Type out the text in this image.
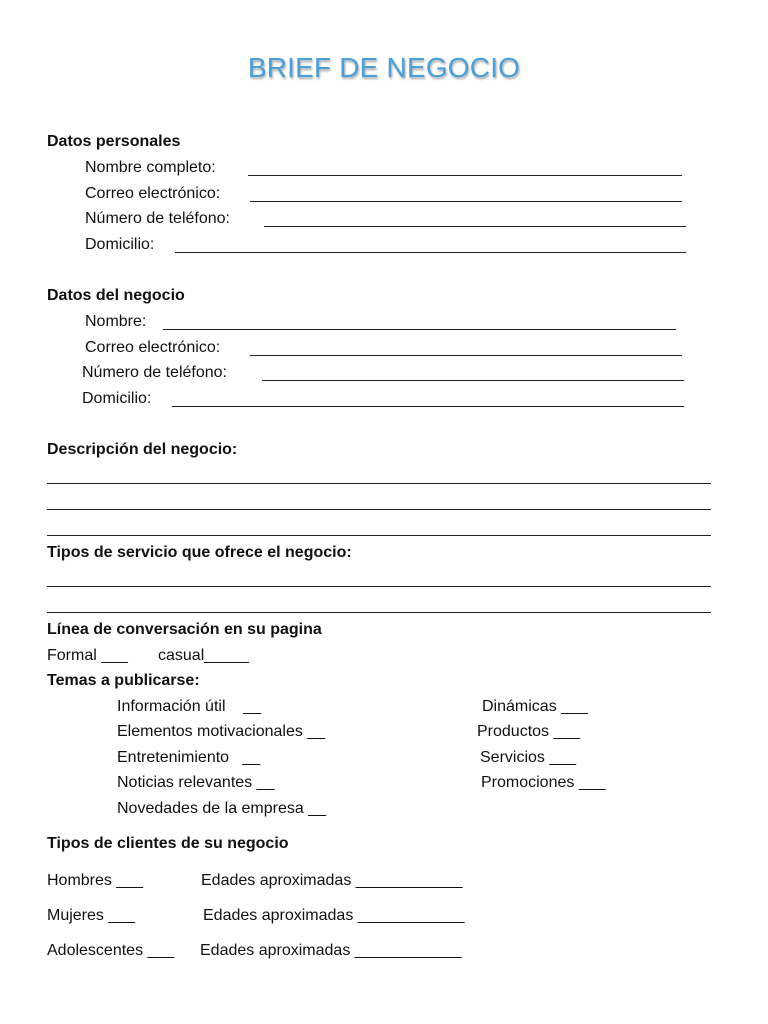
BRIEF DE NEGOCIO
Datos personales
Nombre completo:
Correo electrónico:
Número de teléfono:
Domicilio:
Datos del negocio
Nombre:
Correo electrónico:
Número de teléfono:
Domicilio:
Descripción del negocio:
Tipos de servicio que ofrece el negocio:
Línea de conversación en su pagina
Formal ___ casual_____
Temas a publicarse:
Información útil    __
Elementos motivacionales __
Entretenimiento   __
Noticias relevantes __
Novedades de la empresa __
Dinámicas ___
Productos ___
Servicios ___
Promociones ___
Tipos de clientes de su negocio
Hombres ___	Edades aproximadas ____________
Mujeres ___	Edades aproximadas ____________
Adolescentes ___ Edades aproximadas ____________
